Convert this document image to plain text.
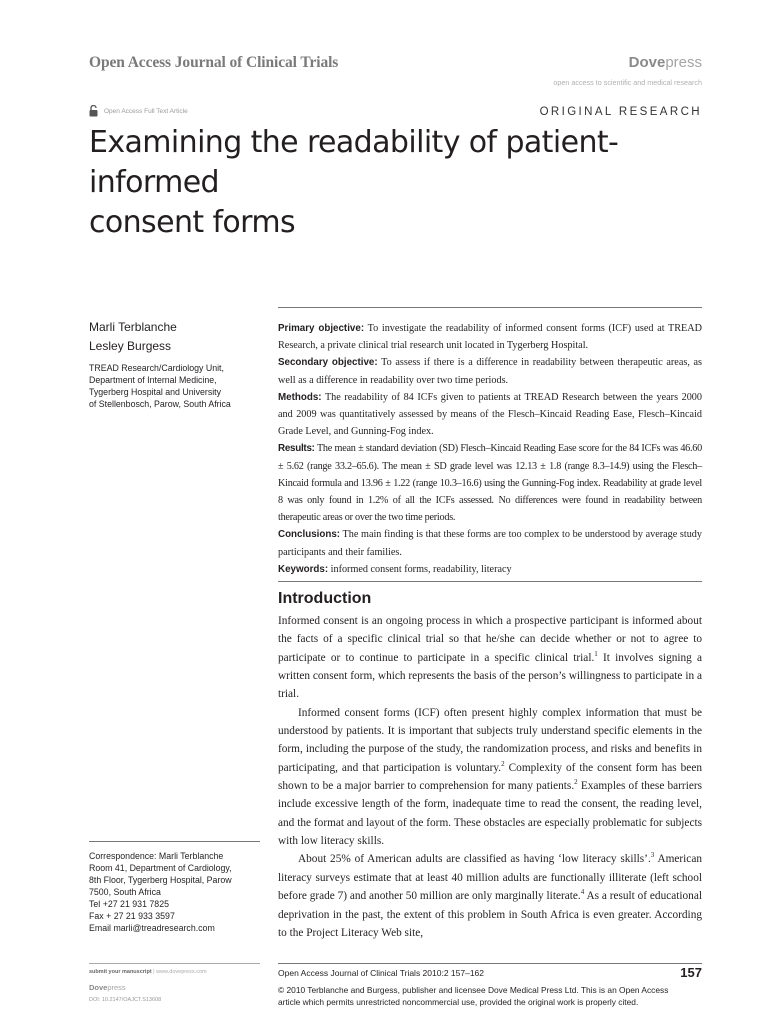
Open Access Journal of Clinical Trials	Dovepress
open access to scientific and medical research
Open Access Full Text Article	ORIGINAL RESEARCH
Examining the readability of patient-informed
consent forms
Marli Terblanche
Lesley Burgess
TREAD Research/Cardiology Unit,
Department of Internal Medicine,
Tygerberg Hospital and University
of Stellenbosch, Parow, South Africa

Primary objective: To investigate the readability of informed consent forms (ICF) used at TREAD Research, a private clinical trial research unit located in Tygerberg Hospital.

Secondary objective: To assess if there is a difference in readability between therapeutic areas, as well as a difference in readability over two time periods.

Methods: The readability of 84 ICFs given to patients at TREAD Research between the years 2000 and 2009 was quantitatively assessed by means of the Flesch–Kincaid Reading Ease, Flesch–Kincaid Grade Level, and Gunning-Fog index.

Results: The mean ± standard deviation (SD) Flesch–Kincaid Reading Ease score for the 84 ICFs was 46.60 ± 5.62 (range 33.2–65.6). The mean ± SD grade level was 12.13 ± 1.8 (range 8.3–14.9) using the Flesch–Kincaid formula and 13.96 ± 1.22 (range 10.3–16.6) using the Gunning-Fog index. Readability at grade level 8 was only found in 1.2% of all the ICFs assessed. No differences were found in readability between therapeutic areas or over the two time periods.

Conclusions: The main finding is that these forms are too complex to be understood by average study participants and their families.

Keywords: informed consent forms, readability, literacy

Introduction

Informed consent is an ongoing process in which a prospective participant is informed about the facts of a specific clinical trial so that he/she can decide whether or not to agree to participate or to continue to participate in a specific clinical trial.$^1$ It involves signing a written consent form, which represents the basis of the person’s willingness to participate in a trial.

Informed consent forms (ICF) often present highly complex information that must be understood by patients. It is important that subjects truly understand specific elements in the form, including the purpose of the study, the randomization process, and risks and benefits in participating, and that participation is voluntary.$^2$ Complexity of the consent form has been shown to be a major barrier to comprehension for many patients.$^2$ Examples of these barriers include excessive length of the form, inadequate time to read the consent, the reading level, and the format and layout of the form. These obstacles are especially problematic for subjects with low literacy skills.

About 25% of American adults are classified as having ‘low literacy skills’.$^3$ American literacy surveys estimate that at least 40 million adults are functionally illiterate (left school before grade 7) and another 50 million are only marginally literate.$^4$ As a result of educational deprivation in the past, the extent of this problem in South Africa is even greater. According to the Project Literacy Web site,

Correspondence: Marli Terblanche
Room 41, Department of Cardiology,
8th Floor, Tygerberg Hospital, Parow
7500, South Africa
Tel +27 21 931 7825
Fax + 27 21 933 3597
Email marli@treadresearch.com
submit your manuscript | www.dovepress.com
Dovepress
DOI: 10.2147/OAJCT.S13608
Open Access Journal of Clinical Trials 2010:2 157–162	157
© 2010 Terblanche and Burgess, publisher and licensee Dove Medical Press Ltd. This is an Open Access
article which permits unrestricted noncommercial use, provided the original work is properly cited.
